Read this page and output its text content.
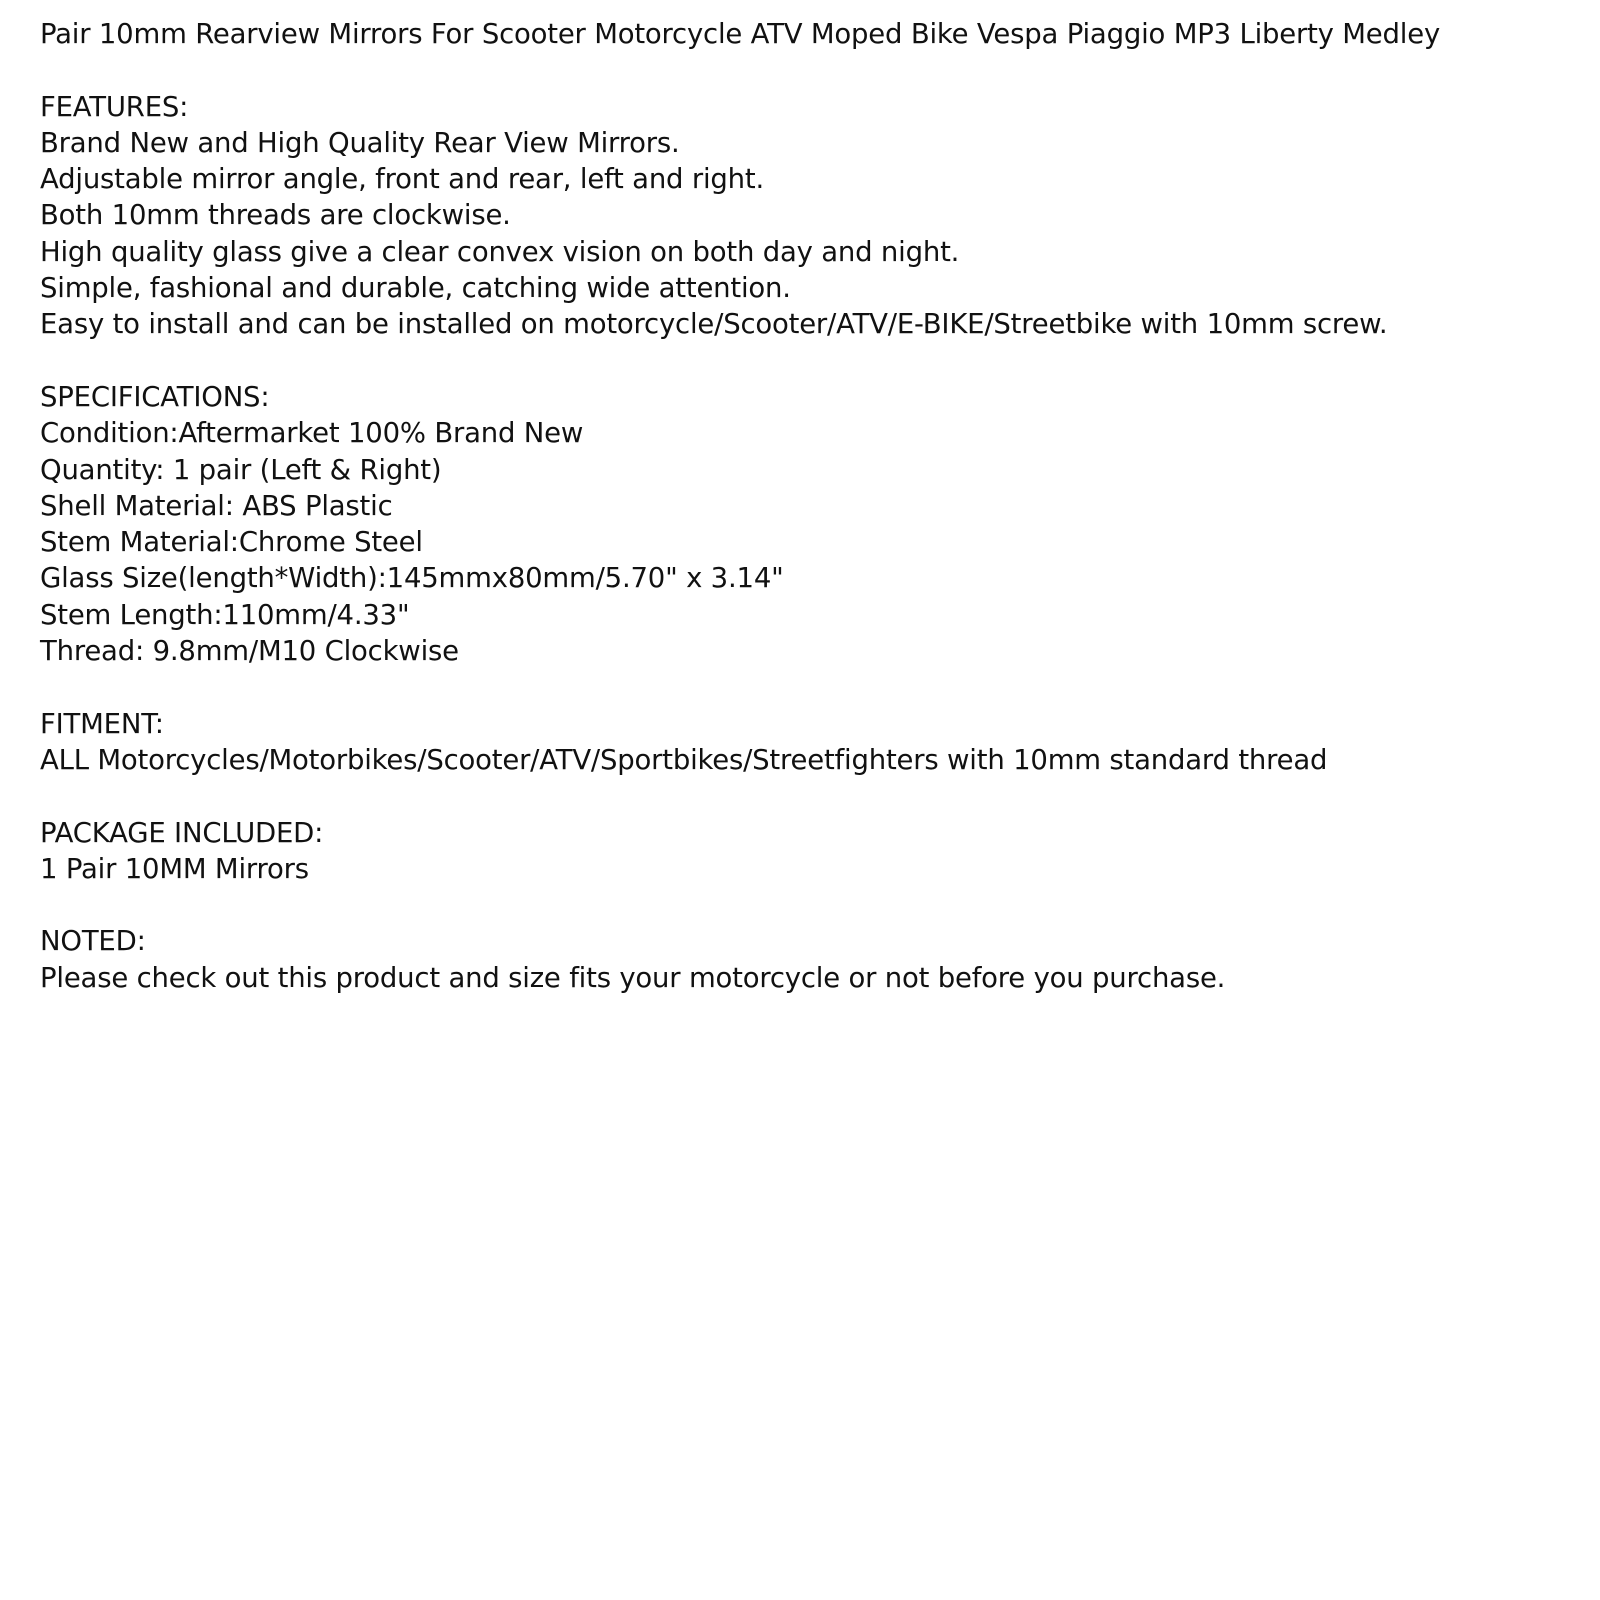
Pair 10mm Rearview Mirrors For Scooter Motorcycle ATV Moped Bike Vespa Piaggio MP3 Liberty Medley
FEATURES:
Brand New and High Quality Rear View Mirrors.
Adjustable mirror angle, front and rear, left and right.
Both 10mm threads are clockwise.
High quality glass give a clear convex vision on both day and night.
Simple, fashional and durable, catching wide attention.
Easy to install and can be installed on motorcycle/Scooter/ATV/E-BIKE/Streetbike with 10mm screw.
SPECIFICATIONS:
Condition:Aftermarket 100% Brand New
Quantity: 1 pair (Left & Right)
Shell Material: ABS Plastic
Stem Material:Chrome Steel
Glass Size(length*Width):145mmx80mm/5.70" x 3.14"
Stem Length:110mm/4.33"
Thread: 9.8mm/M10 Clockwise
FITMENT:
ALL Motorcycles/Motorbikes/Scooter/ATV/Sportbikes/Streetfighters with 10mm standard thread
PACKAGE INCLUDED:
1 Pair 10MM Mirrors
NOTED:
Please check out this product and size fits your motorcycle or not before you purchase.
